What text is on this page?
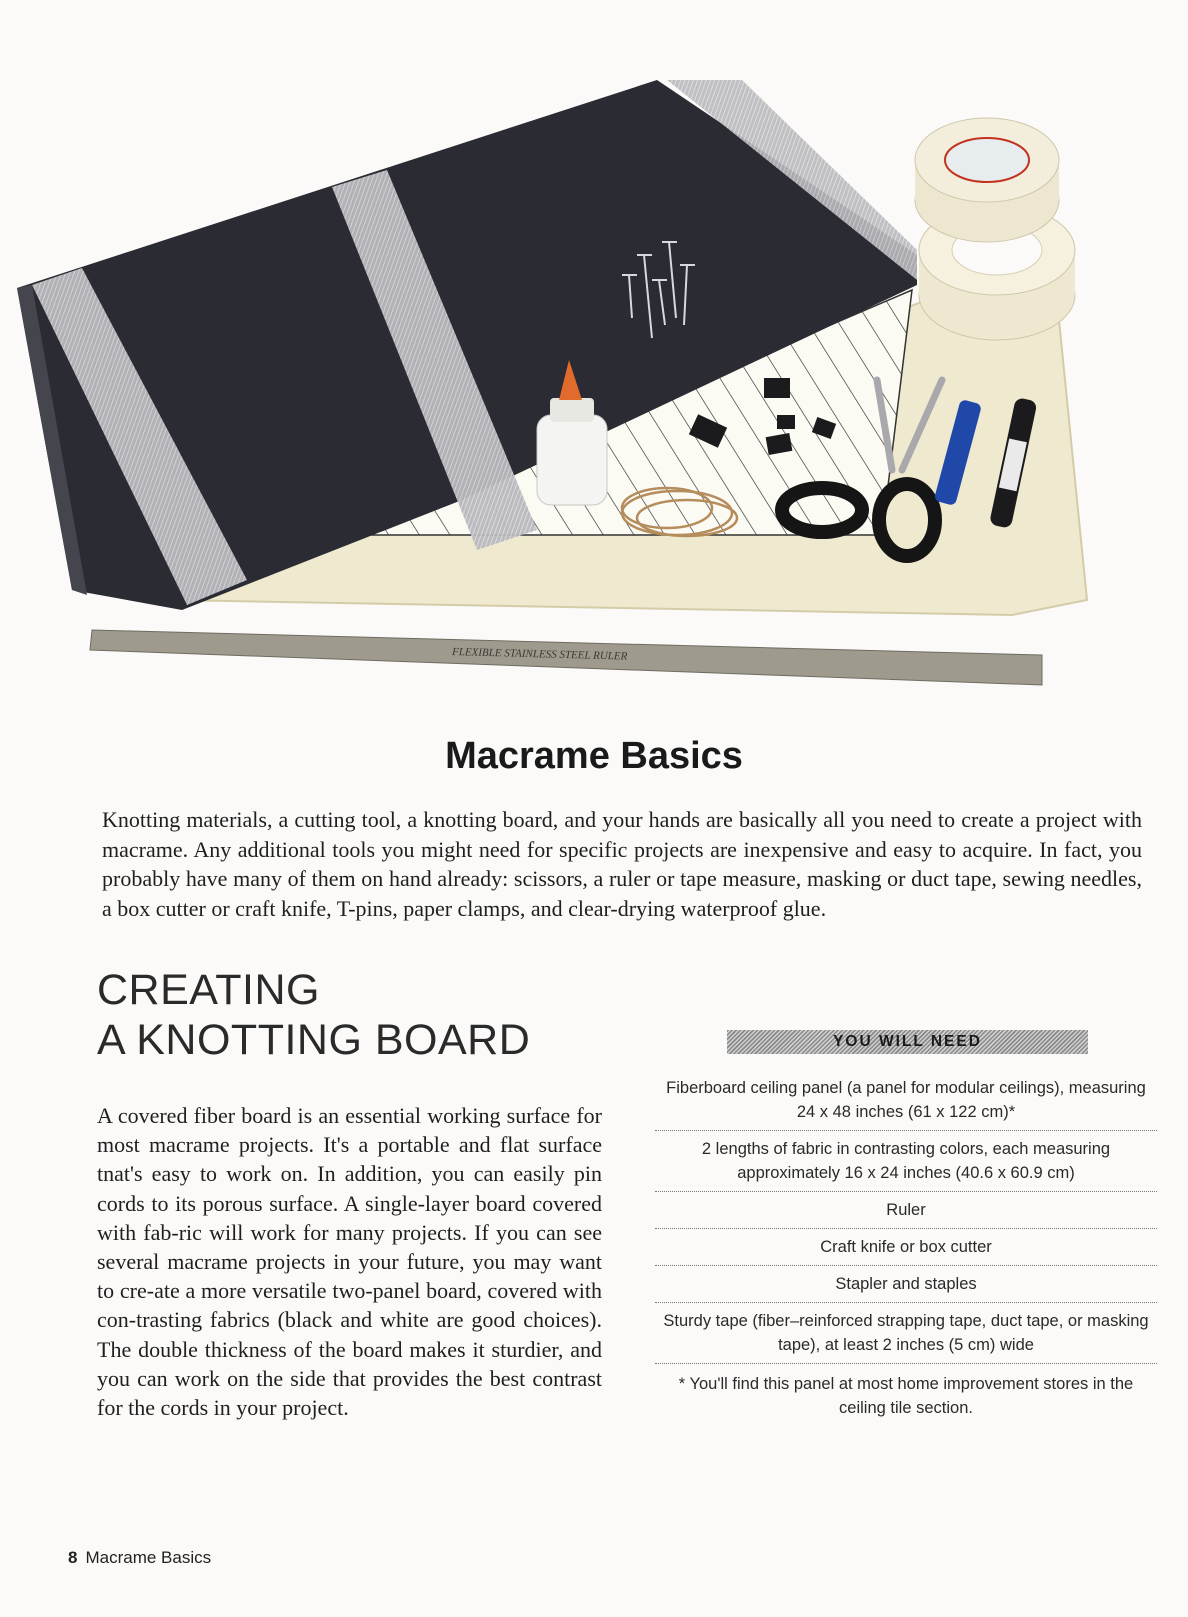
FLEXIBLE STAINLESS STEEL RULER
Macrame Basics

Knotting materials, a cutting tool, a knotting board, and your hands are basically all you need to create a project with macrame. Any additional tools you might need for specific projects are inexpensive and easy to acquire. In fact, you probably have many of them on hand already: scissors, a ruler or tape measure, masking or duct tape, sewing needles, a box cutter or craft knife, T-pins, paper clamps, and clear-drying waterproof glue.

CREATING
A KNOTTING BOARD

A covered fiber board is an essential working surface for most macrame projects. It's a portable and flat surface tnat's easy to work on. In addition, you can easily pin cords to its porous surface. A single-layer board covered with fab-ric will work for many projects. If you can see several macrame projects in your future, you may want to cre-ate a more versatile two-panel board, covered with con-trasting fabrics (black and white are good choices). The double thickness of the board makes it sturdier, and you can work on the side that provides the best contrast for the cords in your project.

YOU WILL NEED
Fiberboard ceiling panel (a panel for modular ceilings), measuring 24 x 48 inches (61 x 122 cm)*
2 lengths of fabric in contrasting colors, each measuring approximately 16 x 24 inches (40.6 x 60.9 cm)
Ruler
Craft knife or box cutter
Stapler and staples
Sturdy tape (fiber–reinforced strapping tape, duct tape, or masking tape), at least 2 inches (5 cm) wide
* You'll find this panel at most home improvement stores in the ceiling tile section.
8 Macrame Basics
